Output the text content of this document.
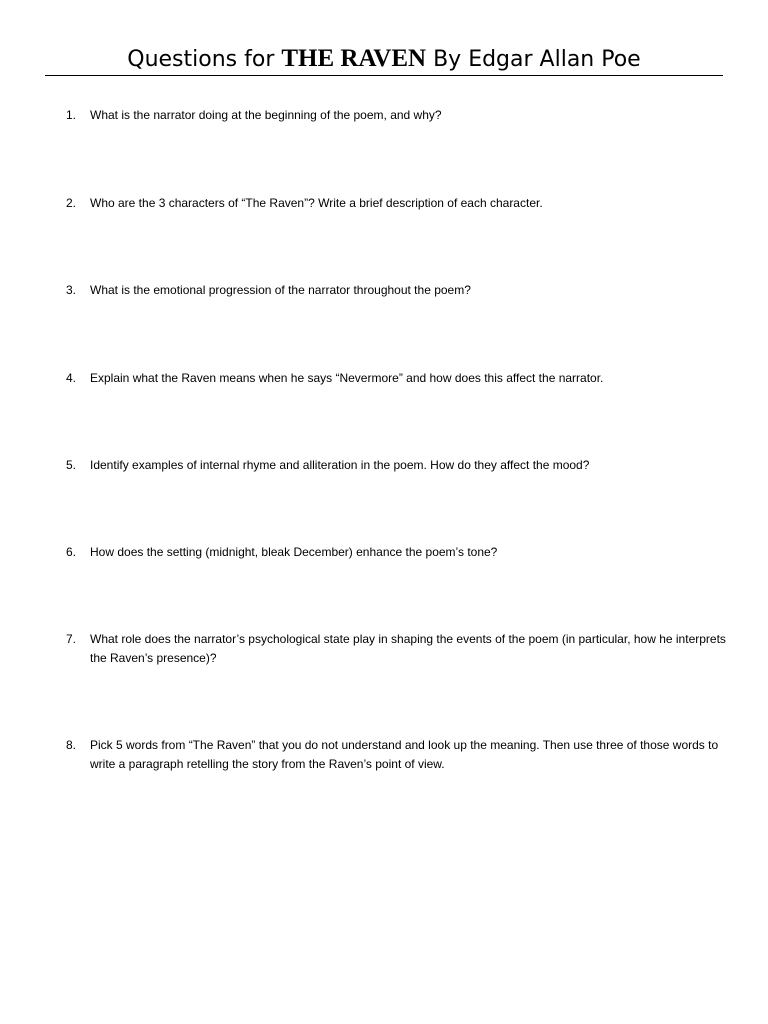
Questions for THE RAVEN By Edgar Allan Poe
1.	What is the narrator doing at the beginning of the poem, and why?
2.	Who are the 3 characters of “The Raven”? Write a brief description of each character.
3.	What is the emotional progression of the narrator throughout the poem?
4.	Explain what the Raven means when he says “Nevermore” and how does this affect the narrator.
5.	Identify examples of internal rhyme and alliteration in the poem. How do they affect the mood?
6.	How does the setting (midnight, bleak December) enhance the poem’s tone?
7.	What role does the narrator’s psychological state play in shaping the events of the poem (in particular, how he interprets the Raven’s presence)?
8.	Pick 5 words from “The Raven” that you do not understand and look up the meaning. Then use three of those words to write a paragraph retelling the story from the Raven’s point of view.
